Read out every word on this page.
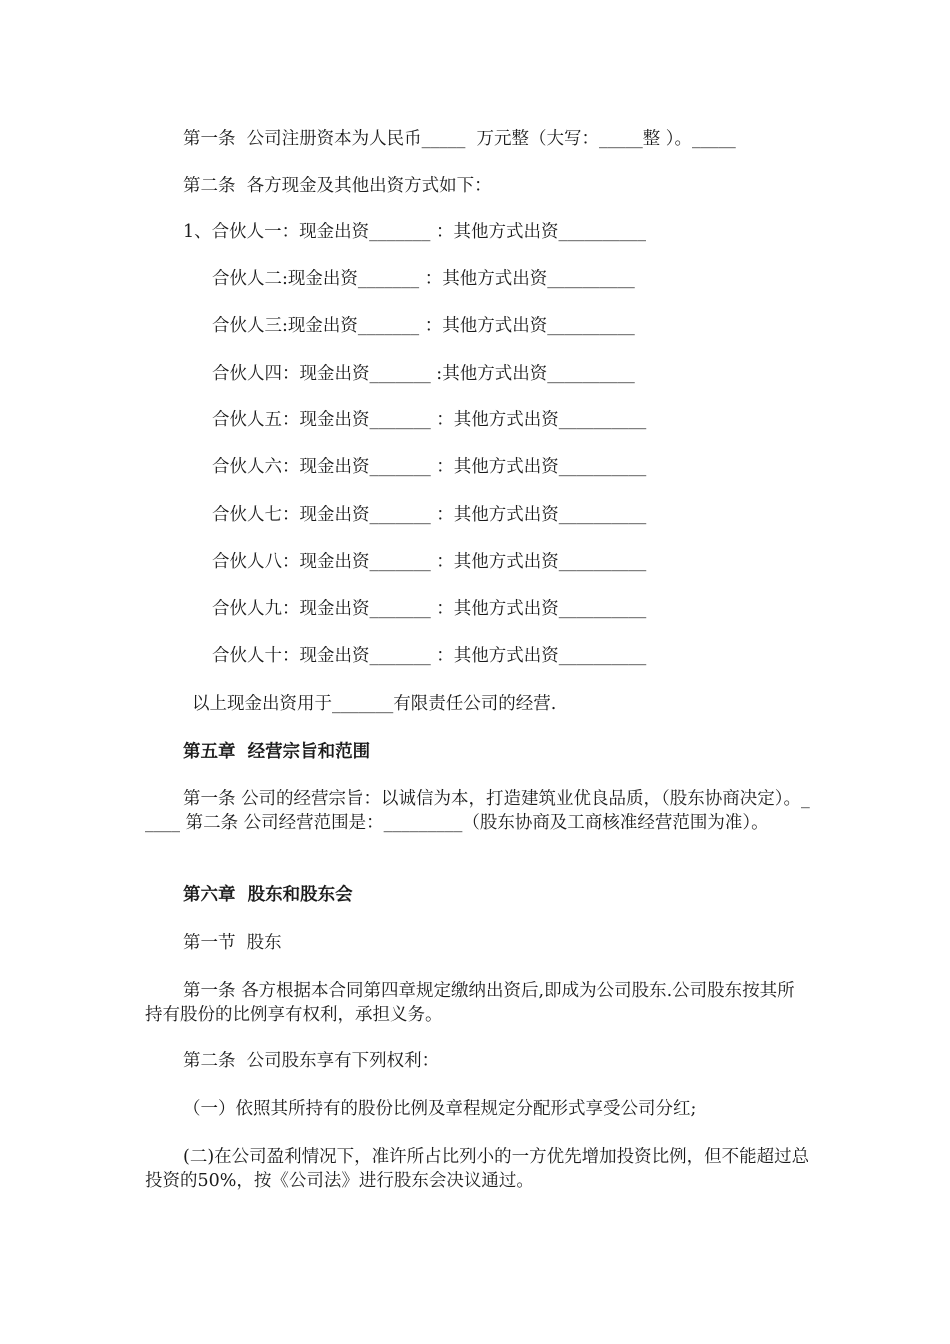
第一条  公司注册资本为人民币_____  万元整（大写：_____整 ）。_____
第二条  各方现金及其他出资方式如下：
1、合伙人一：现金出资_______ ：其他方式出资__________
合伙人二:现金出资_______ ：其他方式出资__________
合伙人三:现金出资_______ ：其他方式出资__________
合伙人四：现金出资_______ :其他方式出资__________
合伙人五：现金出资_______ ：其他方式出资__________
合伙人六：现金出资_______ ：其他方式出资__________
合伙人七：现金出资_______ ：其他方式出资__________
合伙人八：现金出资_______ ：其他方式出资__________
合伙人九：现金出资_______ ：其他方式出资__________
合伙人十：现金出资_______ ：其他方式出资__________
以上现金出资用于_______有限责任公司的经营.
第五章  经营宗旨和范围
第一条 公司的经营宗旨：以诚信为本，打造建筑业优良品质，（股东协商决定）。_____ 第二条 公司经营范围是：_________（股东协商及工商核准经营范围为准）。
第六章  股东和股东会
第一节  股东
第一条 各方根据本合同第四章规定缴纳出资后,即成为公司股东.公司股东按其所持有股份的比例享有权利，承担义务。
第二条  公司股东享有下列权利：
（一）依照其所持有的股份比例及章程规定分配形式享受公司分红;
(二)在公司盈利情况下，准许所占比列小的一方优先增加投资比例，但不能超过总投资的50%，按《公司法》进行股东会决议通过。
